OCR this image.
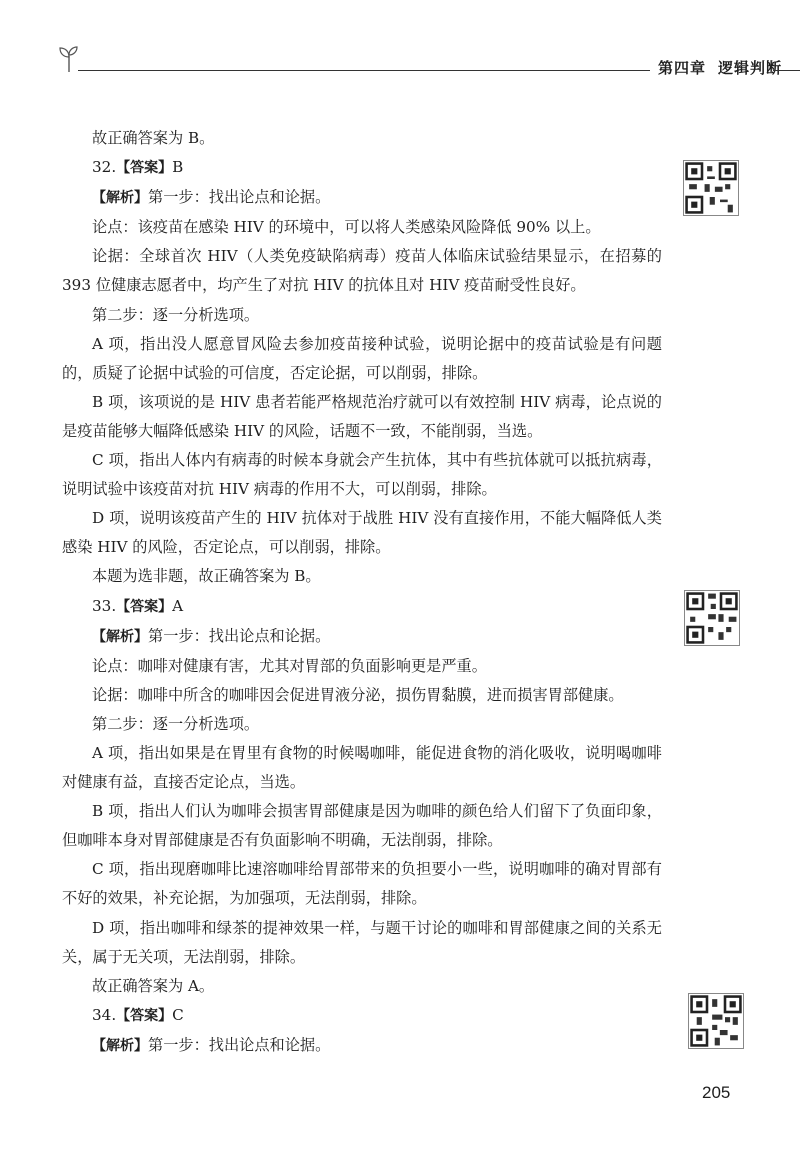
第四章 逻辑判断

故正确答案为 B。

32.【答案】B

【解析】第一步：找出论点和论据。

论点：该疫苗在感染 HIV 的环境中，可以将人类感染风险降低 90% 以上。

论据：全球首次 HIV（人类免疫缺陷病毒）疫苗人体临床试验结果显示，在招募的 393 位健康志愿者中，均产生了对抗 HIV 的抗体且对 HIV 疫苗耐受性良好。

第二步：逐一分析选项。

A 项，指出没人愿意冒风险去参加疫苗接种试验，说明论据中的疫苗试验是有问题的，质疑了论据中试验的可信度，否定论据，可以削弱，排除。

B 项，该项说的是 HIV 患者若能严格规范治疗就可以有效控制 HIV 病毒，论点说的是疫苗能够大幅降低感染 HIV 的风险，话题不一致，不能削弱，当选。

C 项，指出人体内有病毒的时候本身就会产生抗体，其中有些抗体就可以抵抗病毒，说明试验中该疫苗对抗 HIV 病毒的作用不大，可以削弱，排除。

D 项，说明该疫苗产生的 HIV 抗体对于战胜 HIV 没有直接作用，不能大幅降低人类感染 HIV 的风险，否定论点，可以削弱，排除。

本题为选非题，故正确答案为 B。

33.【答案】A

【解析】第一步：找出论点和论据。

论点：咖啡对健康有害，尤其对胃部的负面影响更是严重。

论据：咖啡中所含的咖啡因会促进胃液分泌，损伤胃黏膜，进而损害胃部健康。

第二步：逐一分析选项。

A 项，指出如果是在胃里有食物的时候喝咖啡，能促进食物的消化吸收，说明喝咖啡对健康有益，直接否定论点，当选。

B 项，指出人们认为咖啡会损害胃部健康是因为咖啡的颜色给人们留下了负面印象，但咖啡本身对胃部健康是否有负面影响不明确，无法削弱，排除。

C 项，指出现磨咖啡比速溶咖啡给胃部带来的负担要小一些，说明咖啡的确对胃部有不好的效果，补充论据，为加强项，无法削弱，排除。

D 项，指出咖啡和绿茶的提神效果一样，与题干讨论的咖啡和胃部健康之间的关系无关，属于无关项，无法削弱，排除。

故正确答案为 A。

34.【答案】C

【解析】第一步：找出论点和论据。

205
